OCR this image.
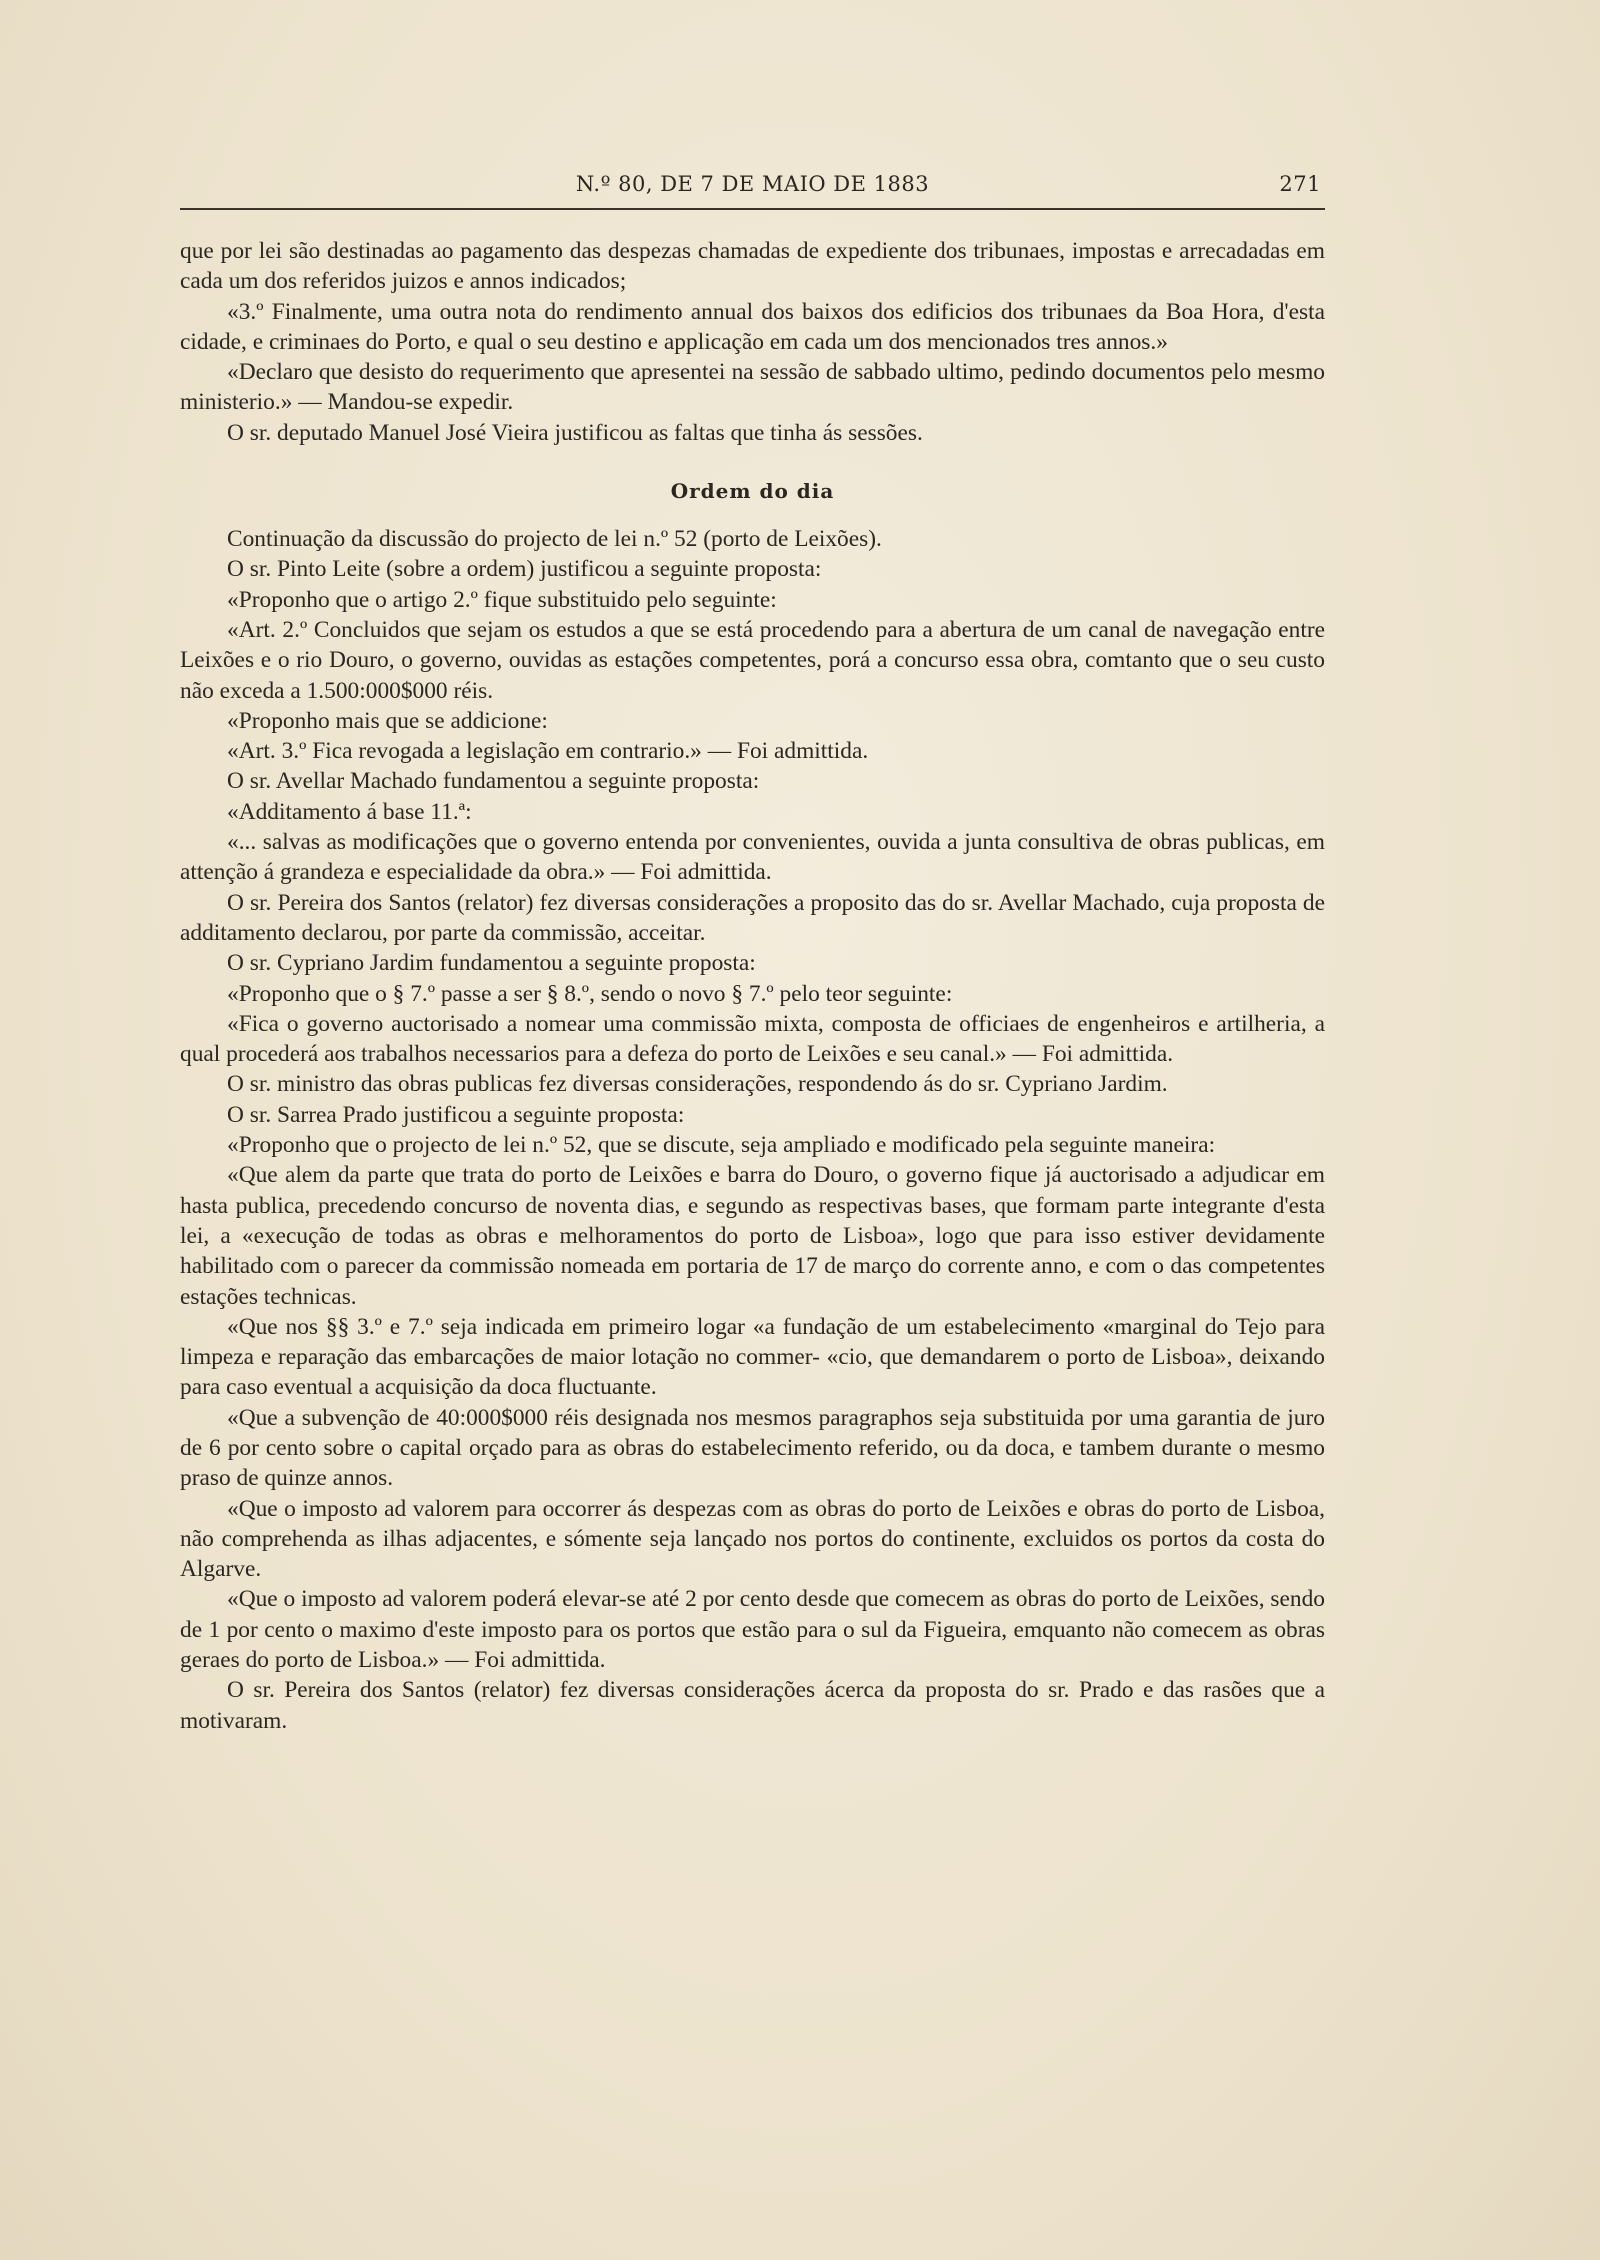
N.º 80, DE 7 DE MAIO DE 1883	271

que por lei são destinadas ao pagamento das despezas chamadas de expediente dos tribunaes, impostas e arrecadadas em cada um dos referidos juizos e annos indicados;

«3.º Finalmente, uma outra nota do rendimento annual dos baixos dos edificios dos tribunaes da Boa Hora, d'esta cidade, e criminaes do Porto, e qual o seu destino e applicação em cada um dos mencionados tres annos.»

«Declaro que desisto do requerimento que apresentei na sessão de sabbado ultimo, pedindo documentos pelo mesmo ministerio.» — Mandou-se expedir.

O sr. deputado Manuel José Vieira justificou as faltas que tinha ás sessões.

Ordem do dia

Continuação da discussão do projecto de lei n.º 52 (porto de Leixões).

O sr. Pinto Leite (sobre a ordem) justificou a seguinte proposta:

«Proponho que o artigo 2.º fique substituido pelo seguinte:

«Art. 2.º Concluidos que sejam os estudos a que se está procedendo para a abertura de um canal de navegação entre Leixões e o rio Douro, o governo, ouvidas as estações competentes, porá a concurso essa obra, comtanto que o seu custo não exceda a 1.500:000$000 réis.

«Proponho mais que se addicione:

«Art. 3.º Fica revogada a legislação em contrario.» — Foi admittida.

O sr. Avellar Machado fundamentou a seguinte proposta:

«Additamento á base 11.ª:

«... salvas as modificações que o governo entenda por convenientes, ouvida a junta consultiva de obras publicas, em attenção á grandeza e especialidade da obra.» — Foi admittida.

O sr. Pereira dos Santos (relator) fez diversas considerações a proposito das do sr. Avellar Machado, cuja proposta de additamento declarou, por parte da commissão, acceitar.

O sr. Cypriano Jardim fundamentou a seguinte proposta:

«Proponho que o § 7.º passe a ser § 8.º, sendo o novo § 7.º pelo teor seguinte:

«Fica o governo auctorisado a nomear uma commissão mixta, composta de officiaes de engenheiros e artilheria, a qual procederá aos trabalhos necessarios para a defeza do porto de Leixões e seu canal.» — Foi admittida.

O sr. ministro das obras publicas fez diversas considerações, respondendo ás do sr. Cypriano Jardim.

O sr. Sarrea Prado justificou a seguinte proposta:

«Proponho que o projecto de lei n.º 52, que se discute, seja ampliado e modificado pela seguinte maneira:

«Que alem da parte que trata do porto de Leixões e barra do Douro, o governo fique já auctorisado a adjudicar em hasta publica, precedendo concurso de noventa dias, e segundo as respectivas bases, que formam parte integrante d'esta lei, a «execução de todas as obras e melhoramentos do porto de Lisboa», logo que para isso estiver devidamente habilitado com o parecer da commissão nomeada em portaria de 17 de março do corrente anno, e com o das competentes estações technicas.

«Que nos §§ 3.º e 7.º seja indicada em primeiro logar «a fundação de um estabelecimento «marginal do Tejo para limpeza e reparação das embarcações de maior lotação no commer- «cio, que demandarem o porto de Lisboa», deixando para caso eventual a acquisição da doca fluctuante.

«Que a subvenção de 40:000$000 réis designada nos mesmos paragraphos seja substituida por uma garantia de juro de 6 por cento sobre o capital orçado para as obras do estabelecimento referido, ou da doca, e tambem durante o mesmo praso de quinze annos.

«Que o imposto ad valorem para occorrer ás despezas com as obras do porto de Leixões e obras do porto de Lisboa, não comprehenda as ilhas adjacentes, e sómente seja lançado nos portos do continente, excluidos os portos da costa do Algarve.

«Que o imposto ad valorem poderá elevar-se até 2 por cento desde que comecem as obras do porto de Leixões, sendo de 1 por cento o maximo d'este imposto para os portos que estão para o sul da Figueira, emquanto não comecem as obras geraes do porto de Lisboa.» — Foi admittida.

O sr. Pereira dos Santos (relator) fez diversas considerações ácerca da proposta do sr. Prado e das rasões que a motivaram.
